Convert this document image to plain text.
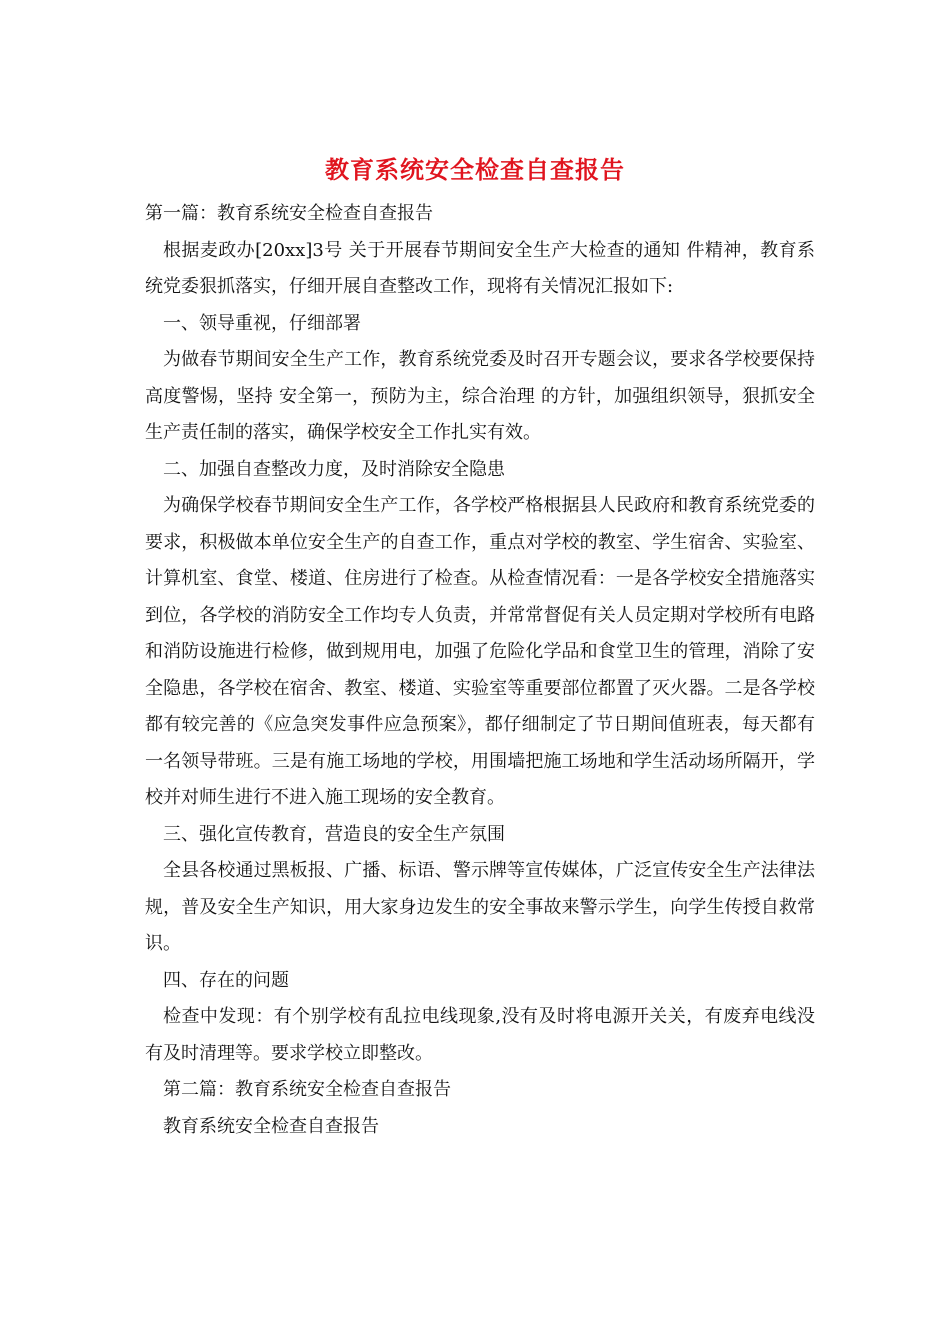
教育系统安全检查自查报告

第一篇：教育系统安全检查自查报告

根据麦政办[20xx]3号 关于开展春节期间安全生产大检查的通知 件精神，教育系统党委狠抓落实，仔细开展自查整改工作，现将有关情况汇报如下:

一、领导重视，仔细部署

为做春节期间安全生产工作，教育系统党委及时召开专题会议，要求各学校要保持高度警惕，坚持 安全第一，预防为主，综合治理 的方针，加强组织领导，狠抓安全生产责任制的落实，确保学校安全工作扎实有效。

二、加强自查整改力度，及时消除安全隐患

为确保学校春节期间安全生产工作，各学校严格根据县人民政府和教育系统党委的要求，积极做本单位安全生产的自查工作，重点对学校的教室、学生宿舍、实验室、计算机室、食堂、楼道、住房进行了检查。从检查情况看：一是各学校安全措施落实到位，各学校的消防安全工作均专人负责，并常常督促有关人员定期对学校所有电路和消防设施进行检修，做到规用电，加强了危险化学品和食堂卫生的管理，消除了安全隐患，各学校在宿舍、教室、楼道、实验室等重要部位都置了灭火器。二是各学校都有较完善的《应急突发事件应急预案》，都仔细制定了节日期间值班表，每天都有一名领导带班。三是有施工场地的学校，用围墙把施工场地和学生活动场所隔开，学校并对师生进行不进入施工现场的安全教育。

三、强化宣传教育，营造良的安全生产氛围

全县各校通过黑板报、广播、标语、警示牌等宣传媒体，广泛宣传安全生产法律法规，普及安全生产知识，用大家身边发生的安全事故来警示学生，向学生传授自救常识。

四、存在的问题

检查中发现：有个别学校有乱拉电线现象,没有及时将电源开关关，有废弃电线没有及时清理等。要求学校立即整改。

第二篇：教育系统安全检查自查报告

教育系统安全检查自查报告
